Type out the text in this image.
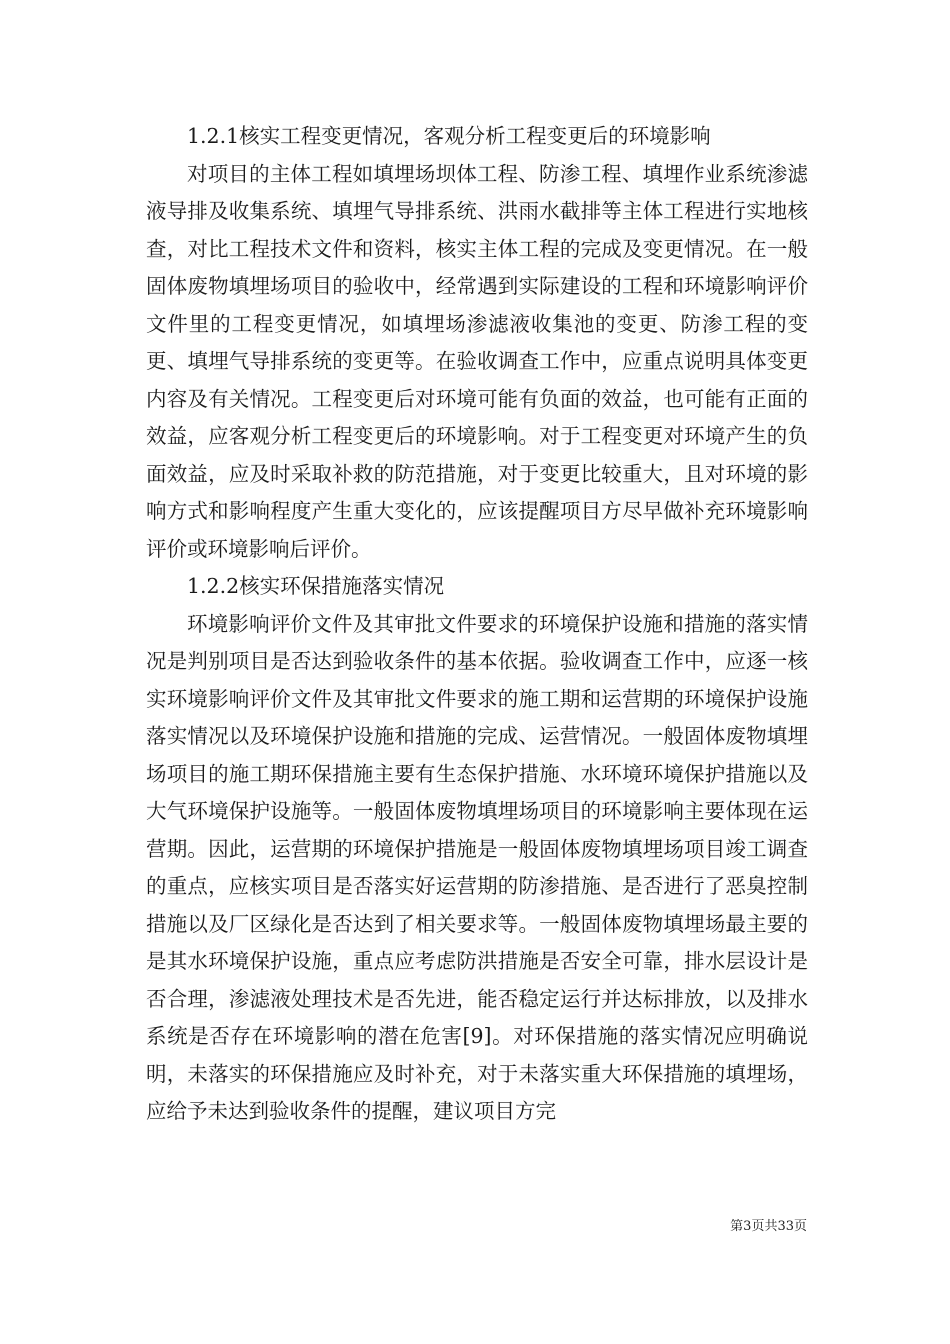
1.2.1核实工程变更情况，客观分析工程变更后的环境影响

对项目的主体工程如填埋场坝体工程、防渗工程、填埋作业系统渗滤液导排及收集系统、填埋气导排系统、洪雨水截排等主体工程进行实地核查，对比工程技术文件和资料，核实主体工程的完成及变更情况。在一般固体废物填埋场项目的验收中，经常遇到实际建设的工程和环境影响评价文件里的工程变更情况，如填埋场渗滤液收集池的变更、防渗工程的变更、填埋气导排系统的变更等。在验收调查工作中，应重点说明具体变更内容及有关情况。工程变更后对环境可能有负面的效益，也可能有正面的效益，应客观分析工程变更后的环境影响。对于工程变更对环境产生的负面效益，应及时采取补救的防范措施，对于变更比较重大，且对环境的影响方式和影响程度产生重大变化的，应该提醒项目方尽早做补充环境影响评价或环境影响后评价。

1.2.2核实环保措施落实情况

环境影响评价文件及其审批文件要求的环境保护设施和措施的落实情况是判别项目是否达到验收条件的基本依据。验收调查工作中，应逐一核实环境影响评价文件及其审批文件要求的施工期和运营期的环境保护设施落实情况以及环境保护设施和措施的完成、运营情况。一般固体废物填埋场项目的施工期环保措施主要有生态保护措施、水环境环境保护措施以及大气环境保护设施等。一般固体废物填埋场项目的环境影响主要体现在运营期。因此，运营期的环境保护措施是一般固体废物填埋场项目竣工调查的重点，应核实项目是否落实好运营期的防渗措施、是否进行了恶臭控制措施以及厂区绿化是否达到了相关要求等。一般固体废物填埋场最主要的是其水环境保护设施，重点应考虑防洪措施是否安全可靠，排水层设计是否合理，渗滤液处理技术是否先进，能否稳定运行并达标排放，以及排水系统是否存在环境影响的潜在危害[9]。对环保措施的落实情况应明确说明，未落实的环保措施应及时补充，对于未落实重大环保措施的填埋场，应给予未达到验收条件的提醒，建议项目方完

第3页共33页
